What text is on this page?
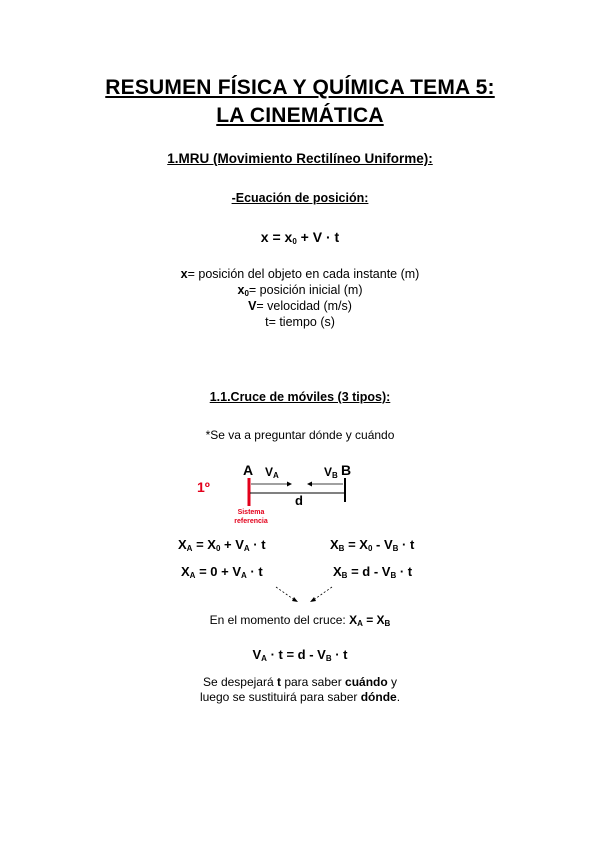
RESUMEN FÍSICA Y QUÍMICA TEMA 5:
LA CINEMÁTICA
1.MRU (Movimiento Rectilíneo Uniforme):
-Ecuación de posición:
$x = x_0 + V \cdot t$
x= posición del objeto en cada instante (m)
$x_0=$ posición inicial (m)
V= velocidad (m/s)
t= tiempo (s)
1.1.Cruce de móviles (3 tipos):
*Se va a preguntar dónde y cuándo
1º
A	B
$V_A$	$V_B$
d
Sistema
referencia
$X_A = X_0 + V_A \cdot t$	$X_B = X_0 - V_B \cdot t$
$X_A = 0 + V_A \cdot t$	$X_B = d - V_B \cdot t$
En el momento del cruce: $X_A = X_B$
$V_A \cdot t = d - V_B \cdot t$
Se despejará t para saber cuándo y
luego se sustituirá para saber dónde.
